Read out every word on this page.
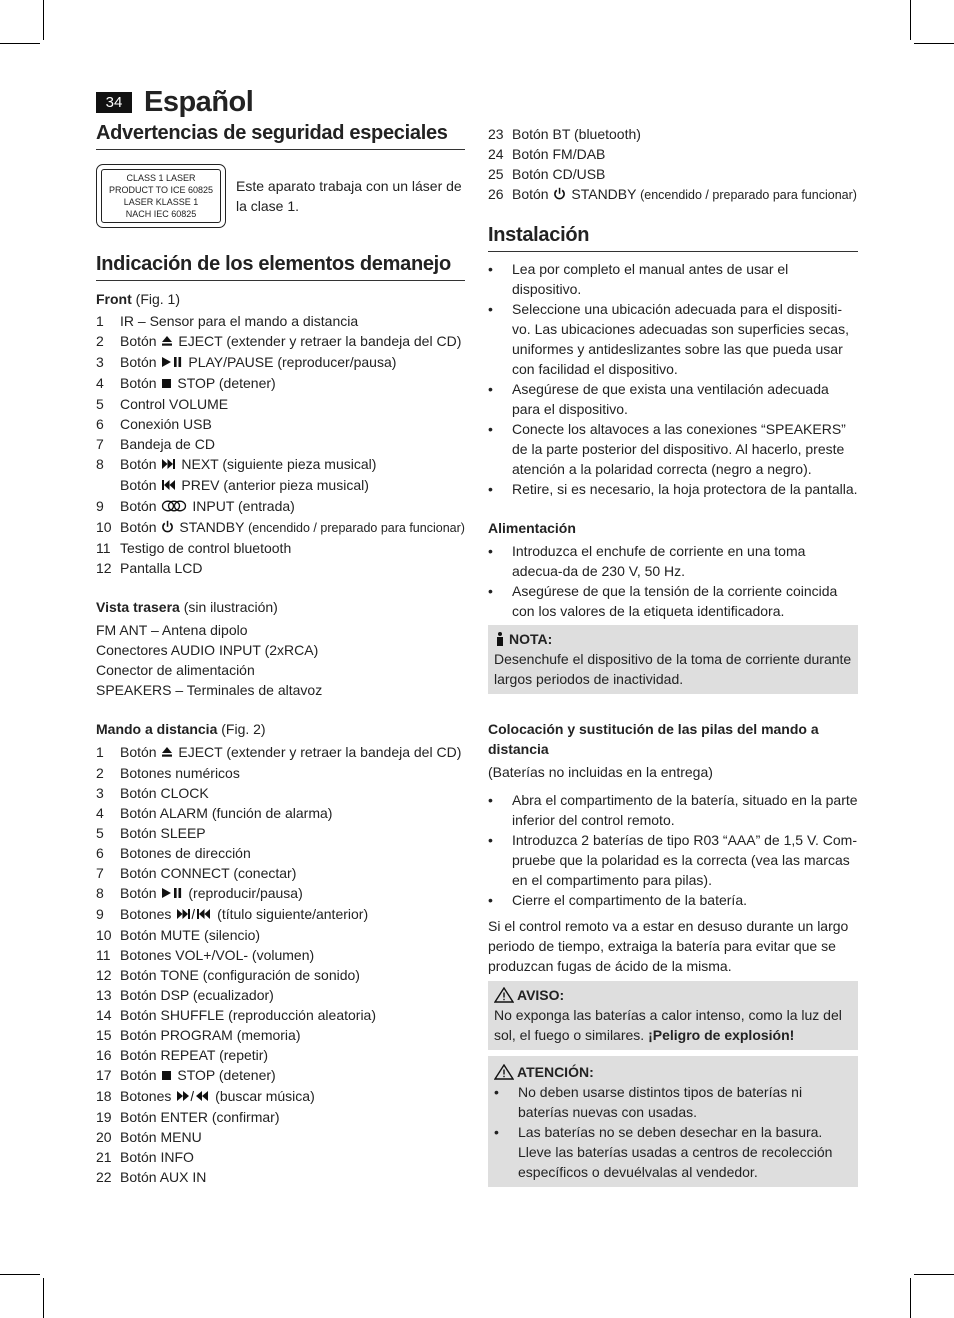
34 Español
Advertencias de seguridad especiales
CLASS 1 LASER
PRODUCT TO ICE 60825
LASER KLASSE 1
NACH IEC 60825
Este aparato trabaja con un láser de la clase 1.
Indicación de los elementos demanejo
Front (Fig. 1)
1	IR – Sensor para el mando a distancia
2	Botón  EJECT (extender y retraer la bandeja del CD)
3	Botón  PLAY/PAUSE (reproducer/pausa)
4	Botón  STOP (detener)
5	Control VOLUME
6	Conexión USB
7	Bandeja de CD
8	Botón  NEXT (siguiente pieza musical)
Botón  PREV (anterior pieza musical)
9	Botón  INPUT (entrada)
10 Botón  STANDBY (encendido / preparado para funcionar)
11 Testigo de control bluetooth
12 Pantalla LCD
Vista trasera (sin ilustración)
FM ANT – Antena dipolo
Conectores AUDIO INPUT (2xRCA)
Conector de alimentación
SPEAKERS – Terminales de altavoz
Mando a distancia (Fig. 2)
1	Botón  EJECT (extender y retraer la bandeja del CD)
2	Botones numéricos
3	Botón CLOCK
4	Botón ALARM (función de alarma)
5	Botón SLEEP
6	Botones de dirección
7	Botón CONNECT (conectar)
8	Botón  (reproducir/pausa)
9	Botones	(título siguiente/anterior)
10 Botón MUTE (silencio)
11 Botones VOL+/VOL- (volumen)
12 Botón TONE (configuración de sonido)
13 Botón DSP (ecualizador)
14 Botón SHUFFLE (reproducción aleatoria)
15 Botón PROGRAM (memoria)
16 Botón REPEAT (repetir)
17 Botón  STOP (detener)
18 Botones	(buscar música)
19 Botón ENTER (confirmar)
20 Botón MENU
21 Botón INFO
22 Botón AUX IN
23 Botón BT (bluetooth)
24 Botón FM/DAB
25 Botón CD/USB
26 Botón  STANDBY (encendido / preparado para funcionar)
Instalación
•	Lea por completo el manual antes de usar el dispositivo.
•	Seleccione una ubicación adecuada para el dispositi-vo. Las ubicaciones adecuadas son superficies secas, uniformes y antideslizantes sobre las que pueda usar con facilidad el dispositivo.
•	Asegúrese de que exista una ventilación adecuada para el dispositivo.
•	Conecte los altavoces a las conexiones “SPEAKERS” de la parte posterior del dispositivo. Al hacerlo, preste atención a la polaridad correcta (negro a negro).
•	Retire, si es necesario, la hoja protectora de la pantalla.
Alimentación
•	Introduzca el enchufe de corriente en una toma adecua-da de 230 V, 50 Hz.
•	Asegúrese de que la tensión de la corriente coincida con los valores de la etiqueta identificadora.
NOTA:
Desenchufe el dispositivo de la toma de corriente durante largos periodos de inactividad.
Colocación y sustitución de las pilas del mando a distancia
(Baterías no incluidas en la entrega)
•	Abra el compartimento de la batería, situado en la parte inferior del control remoto.
•	Introduzca 2 baterías de tipo R03 “AAA” de 1,5 V. Com-pruebe que la polaridad es la correcta (vea las marcas en el compartimento para pilas).
•	Cierre el compartimento de la batería.
Si el control remoto va a estar en desuso durante un largo periodo de tiempo, extraiga la batería para evitar que se produzcan fugas de ácido de la misma.
AVISO:
No exponga las baterías a calor intenso, como la luz del sol, el fuego o similares. ¡Peligro de explosión!
ATENCIÓN:
•	No deben usarse distintos tipos de baterías ni baterías nuevas con usadas.
•	Las baterías no se deben desechar en la basura. Lleve las baterías usadas a centros de recolección específicos o devuélvalas al vendedor.
